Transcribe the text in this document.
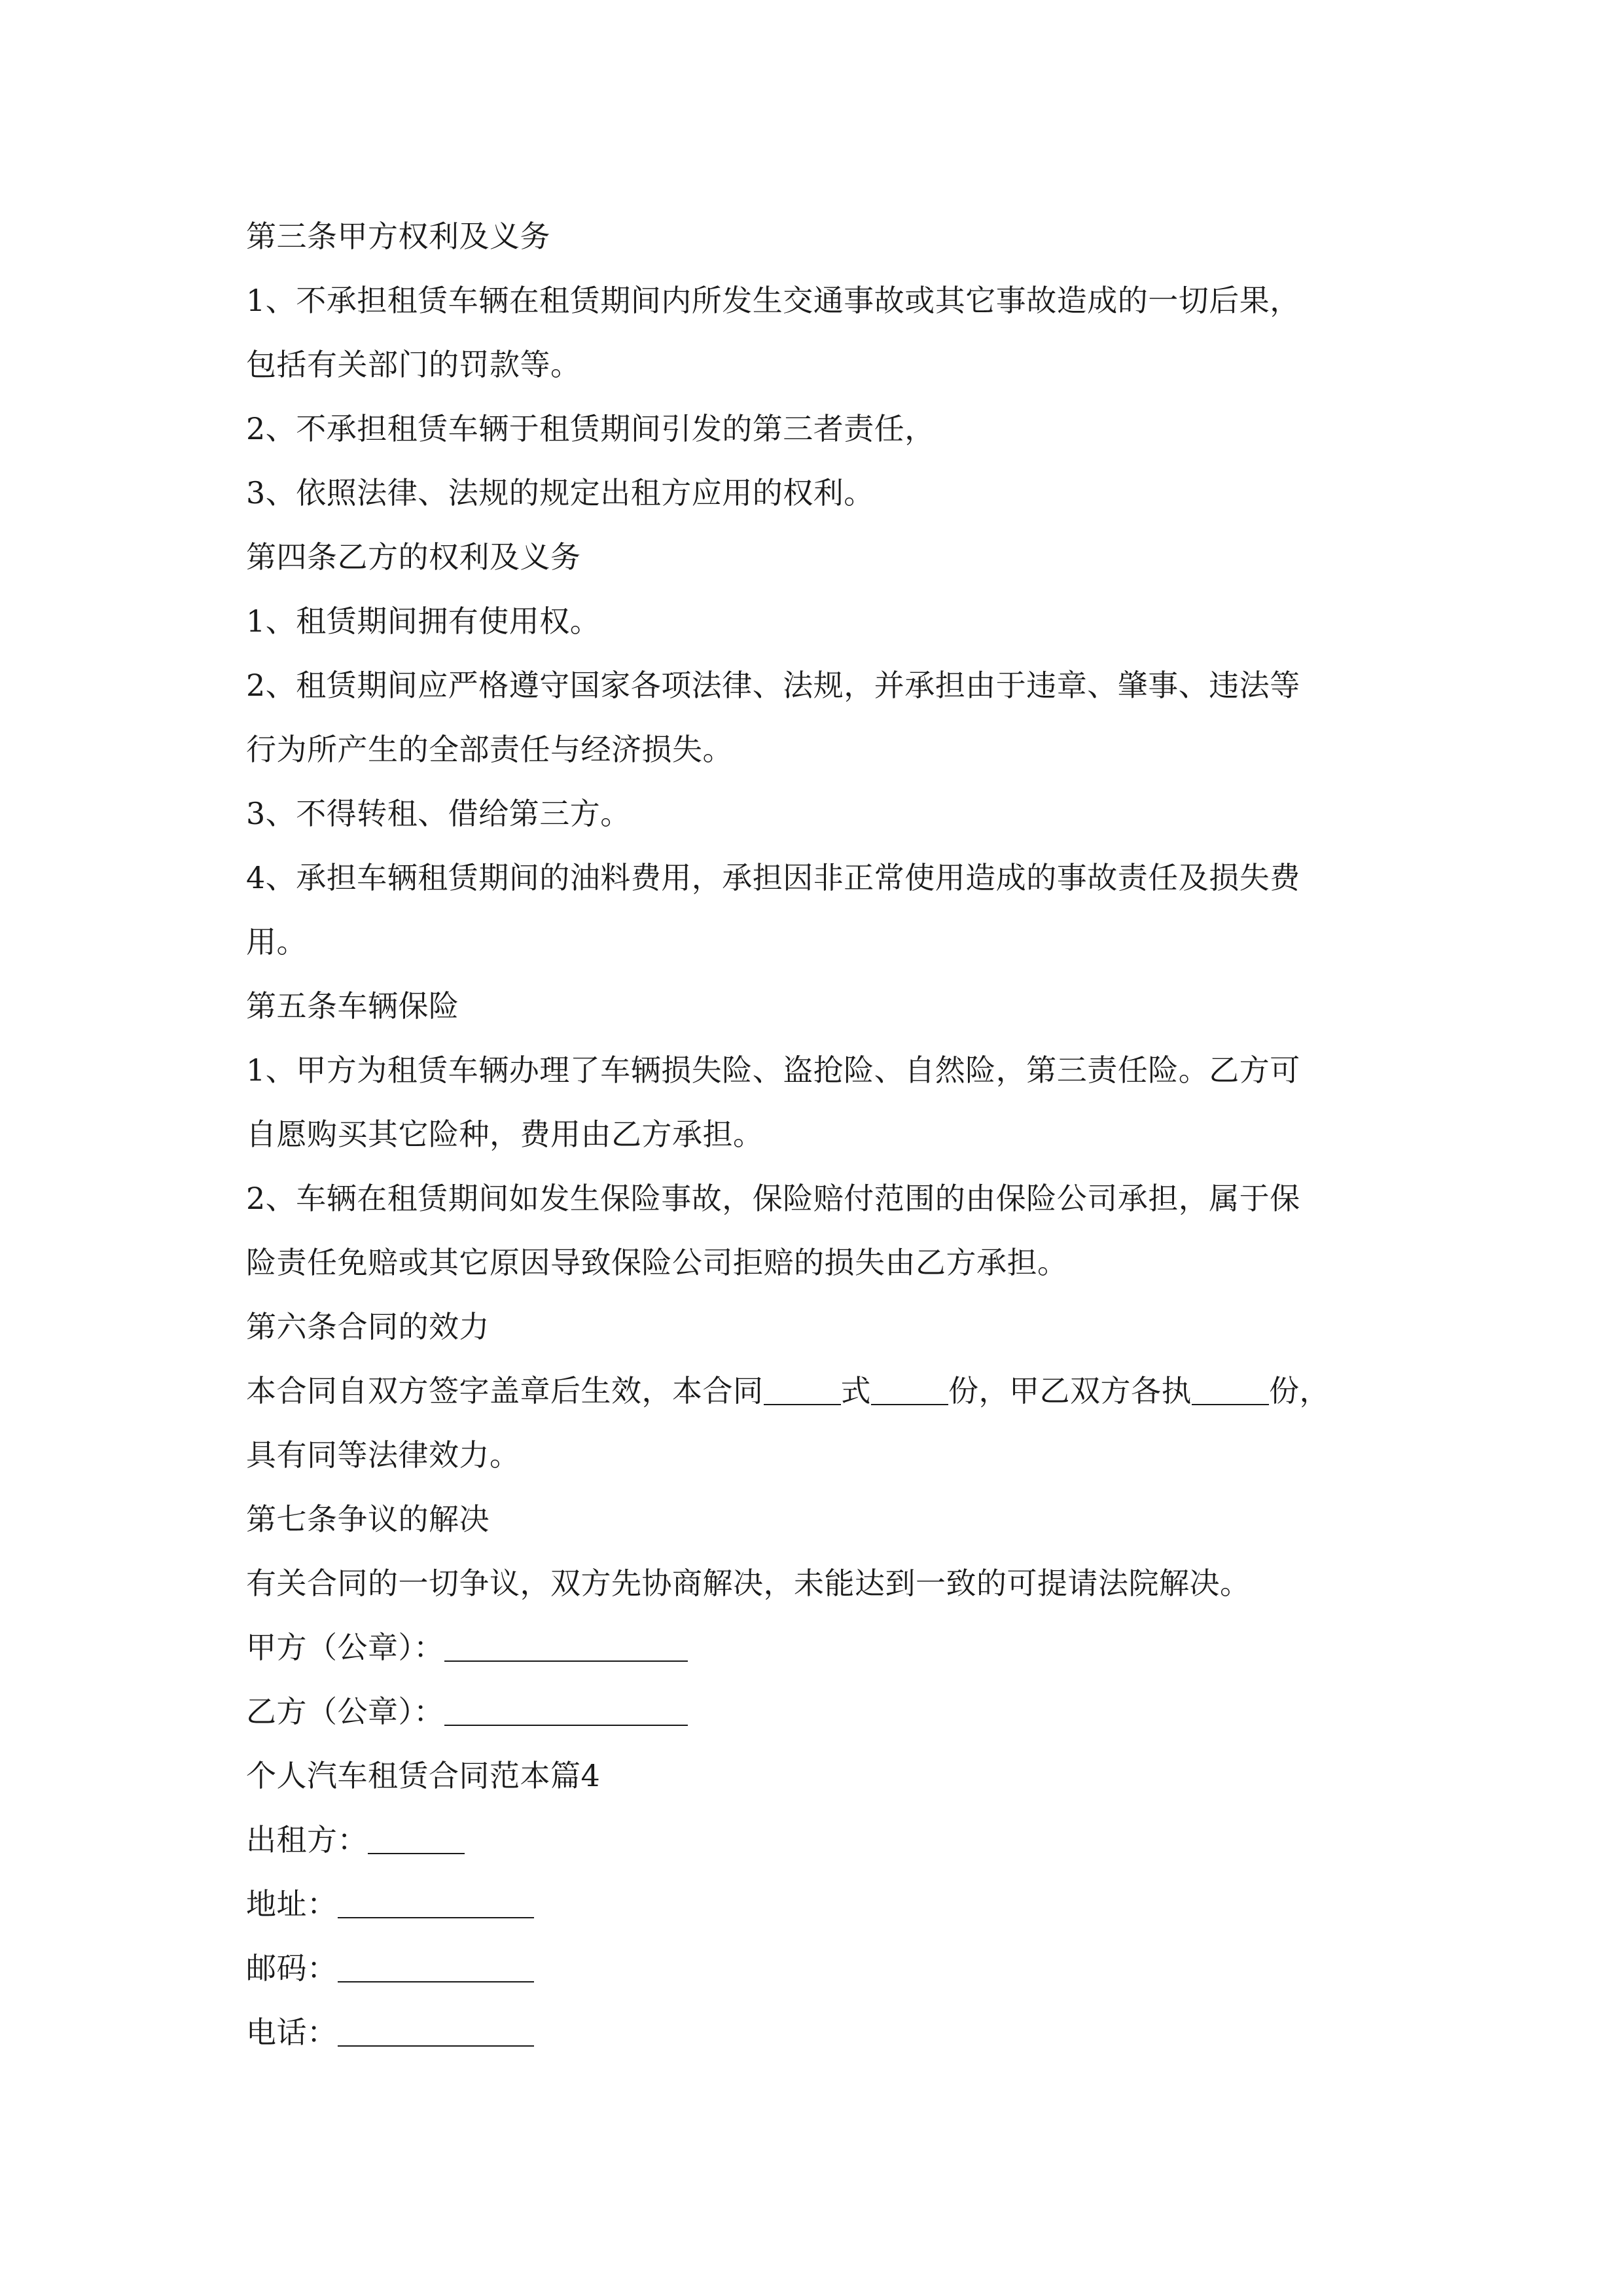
第三条甲方权利及义务
1、不承担租赁车辆在租赁期间内所发生交通事故或其它事故造成的一切后果，
包括有关部门的罚款等。
2、不承担租赁车辆于租赁期间引发的第三者责任，
3、依照法律、法规的规定出租方应用的权利。
第四条乙方的权利及义务
1、租赁期间拥有使用权。
2、租赁期间应严格遵守国家各项法律、法规，并承担由于违章、肇事、违法等
行为所产生的全部责任与经济损失。
3、不得转租、借给第三方。
4、承担车辆租赁期间的油料费用，承担因非正常使用造成的事故责任及损失费
用。
第五条车辆保险
1、甲方为租赁车辆办理了车辆损失险、盗抢险、自然险，第三责任险。乙方可
自愿购买其它险种，费用由乙方承担。
2、车辆在租赁期间如发生保险事故，保险赔付范围的由保险公司承担，属于保
险责任免赔或其它原因导致保险公司拒赔的损失由乙方承担。
第六条合同的效力
本合同自双方签字盖章后生效，本合同	式	份，甲乙双方各执	份，
具有同等法律效力。
第七条争议的解决
有关合同的一切争议，双方先协商解决，未能达到一致的可提请法院解决。
甲方（公章）：
乙方（公章）：
个人汽车租赁合同范本篇4
出租方：
地址：
邮码：
电话：
